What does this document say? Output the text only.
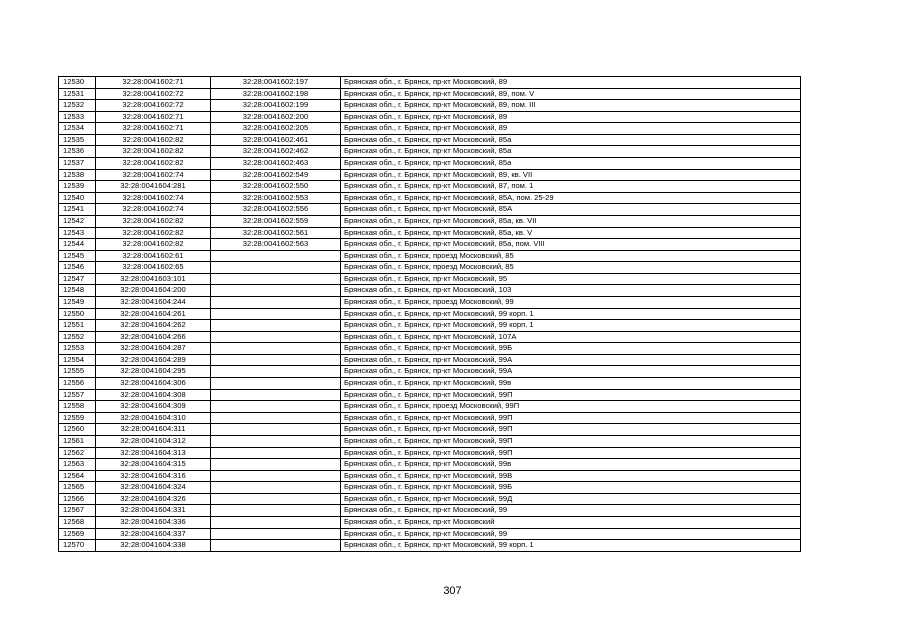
12530	32:28:0041602:71	32:28:0041602:197	Брянская обл., г. Брянск, пр-кт Московский, 89
12531	32:28:0041602:72	32:28:0041602:198	Брянская обл., г. Брянск, пр-кт Московский, 89, пом. V
12532	32:28:0041602:72	32:28:0041602:199	Брянская обл., г. Брянск, пр-кт Московский, 89, пом. III
12533	32:28:0041602:71	32:28:0041602:200	Брянская обл., г. Брянск, пр-кт Московский, 89
12534	32:28:0041602:71	32:28:0041602:205	Брянская обл., г. Брянск, пр-кт Московский, 89
12535	32:28:0041602:82	32:28:0041602:461	Брянская обл., г. Брянск, пр-кт Московский, 85а
12536	32:28:0041602:82	32:28:0041602:462	Брянская обл., г. Брянск, пр-кт Московский, 85а
12537	32:28:0041602:82	32:28:0041602:463	Брянская обл., г. Брянск, пр-кт Московский, 85а
12538	32:28:0041602:74	32:28:0041602:549	Брянская обл., г. Брянск, пр-кт Московский, 89, кв. VII
12539	32:28:0041604:281	32:28:0041602:550	Брянская обл., г. Брянск, пр-кт Московский, 87, пом. 1
12540	32:28:0041602:74	32:28:0041602:553	Брянская обл., г. Брянск, пр-кт Московский, 85А, пом. 25-29
12541	32:28:0041602:74	32:28:0041602:556	Брянская обл., г. Брянск, пр-кт Московский, 85А
12542	32:28:0041602:82	32:28:0041602:559	Брянская обл., г. Брянск, пр-кт Московский, 85а, кв. VII
12543	32:28:0041602:82	32:28:0041602:561	Брянская обл., г. Брянск, пр-кт Московский, 85а, кв. V
12544	32:28:0041602:82	32:28:0041602:563	Брянская обл., г. Брянск, пр-кт Московский, 85а, пом. VIII
12545	32:28:0041602:61		Брянская обл., г. Брянск, проезд Московский, 85
12546	32:28:0041602:65		Брянская обл., г. Брянск, проезд Московский, 85
12547	32:28:0041603:101		Брянская обл., г. Брянск, пр-кт Московский, 95
12548	32:28:0041604:200		Брянская обл., г. Брянск, пр-кт Московский, 103
12549	32:28:0041604:244		Брянская обл., г. Брянск, проезд Московский, 99
12550	32:28:0041604:261		Брянская обл., г. Брянск, пр-кт Московский, 99 корп. 1
12551	32:28:0041604:262		Брянская обл., г. Брянск, пр-кт Московский, 99 корп. 1
12552	32:28:0041604:266		Брянская обл., г. Брянск, пр-кт Московский, 107А
12553	32:28:0041604:287		Брянская обл., г. Брянск, пр-кт Московский, 99Б
12554	32:28:0041604:289		Брянская обл., г. Брянск, пр-кт Московский, 99А
12555	32:28:0041604:295		Брянская обл., г. Брянск, пр-кт Московский, 99А
12556	32:28:0041604:306		Брянская обл., г. Брянск, пр-кт Московский, 99в
12557	32:28:0041604:308		Брянская обл., г. Брянск, пр-кт Московский, 99П
12558	32:28:0041604:309		Брянская обл., г. Брянск, проезд Московский, 99П
12559	32:28:0041604:310		Брянская обл., г. Брянск, пр-кт Московский, 99П
12560	32:28:0041604:311		Брянская обл., г. Брянск, пр-кт Московский, 99П
12561	32:28:0041604:312		Брянская обл., г. Брянск, пр-кт Московский, 99П
12562	32:28:0041604:313		Брянская обл., г. Брянск, пр-кт Московский, 99П
12563	32:28:0041604:315		Брянская обл., г. Брянск, пр-кт Московский, 99в
12564	32:28:0041604:316		Брянская обл., г. Брянск, пр-кт Московский, 99В
12565	32:28:0041604:324		Брянская обл., г. Брянск, пр-кт Московский, 99Б
12566	32:28:0041604:326		Брянская обл., г. Брянск, пр-кт Московский, 99Д
12567	32:28:0041604:331		Брянская обл., г. Брянск, пр-кт Московский, 99
12568	32:28:0041604:336		Брянская обл., г. Брянск, пр-кт Московский
12569	32:28:0041604:337		Брянская обл., г. Брянск, пр-кт Московский, 99
12570	32:28:0041604:338		Брянская обл., г. Брянск, пр-кт Московский, 99 корп. 1
307
